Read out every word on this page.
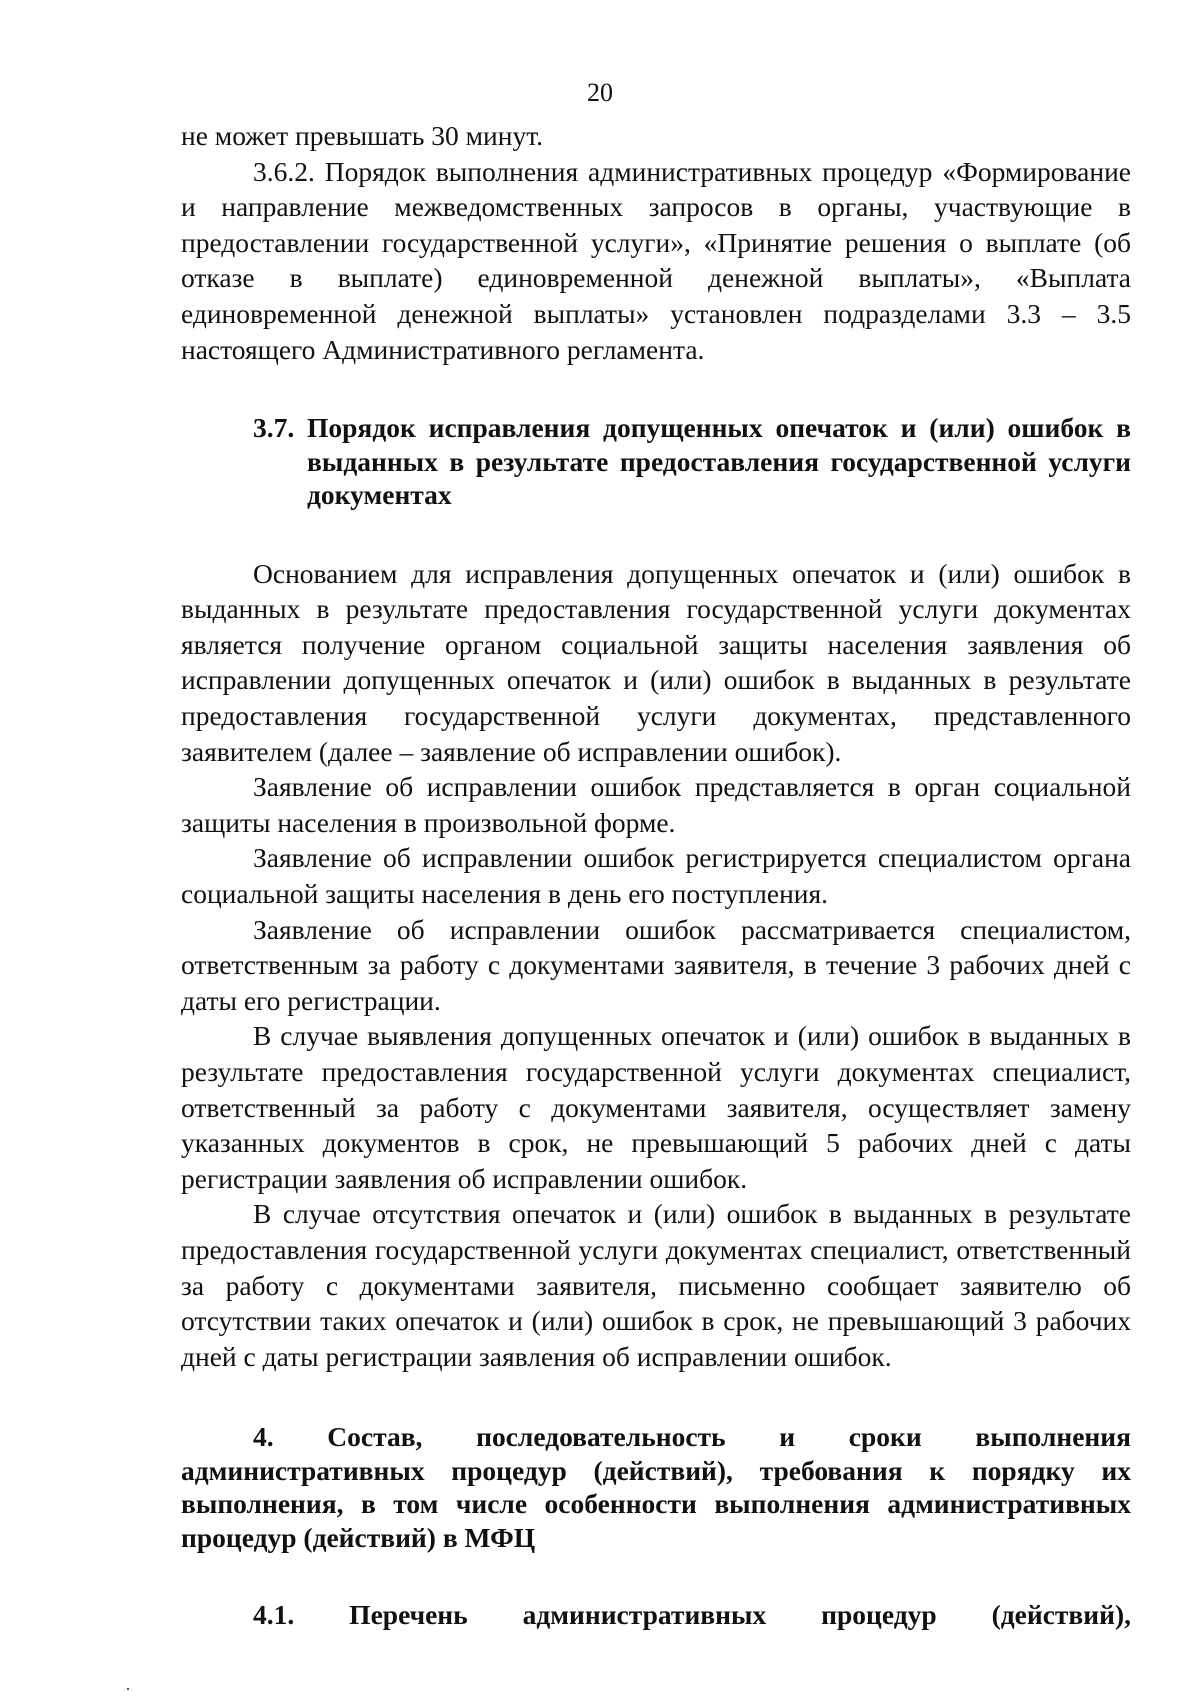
20

не может превышать 30 минут.

3.6.2. Порядок выполнения административных процедур «Формирование и направление межведомственных запросов в органы, участвующие в предоставлении государственной услуги», «Принятие решения о выплате (об отказе в выплате) единовременной денежной выплаты», «Выплата единовременной денежной выплаты» установлен подразделами 3.3 – 3.5 настоящего Административного регламента.

3.7. Порядок исправления допущенных опечаток и (или) ошибок в выданных в результате предоставления государственной услуги документах

Основанием для исправления допущенных опечаток и (или) ошибок в выданных в результате предоставления государственной услуги документах является получение органом социальной защиты населения заявления об исправлении допущенных опечаток и (или) ошибок в выданных в результате предоставления государственной услуги документах, представленного заявителем (далее – заявление об исправлении ошибок).

Заявление об исправлении ошибок представляется в орган социальной защиты населения в произвольной форме.

Заявление об исправлении ошибок регистрируется специалистом органа социальной защиты населения в день его поступления.

Заявление об исправлении ошибок рассматривается специалистом, ответственным за работу с документами заявителя, в течение 3 рабочих дней с даты его регистрации.

В случае выявления допущенных опечаток и (или) ошибок в выданных в результате предоставления государственной услуги документах специалист, ответственный за работу с документами заявителя, осуществляет замену указанных документов в срок, не превышающий 5 рабочих дней с даты регистрации заявления об исправлении ошибок.

В случае отсутствия опечаток и (или) ошибок в выданных в результате предоставления государственной услуги документах специалист, ответственный за работу с документами заявителя, письменно сообщает заявителю об отсутствии таких опечаток и (или) ошибок в срок, не превышающий 3 рабочих дней с даты регистрации заявления об исправлении ошибок.

4. Состав, последовательность и сроки выполнения административных процедур (действий), требования к порядку их выполнения, в том числе особенности выполнения административных процедур (действий) в МФЦ
4.1. Перечень административных процедур (действий),
